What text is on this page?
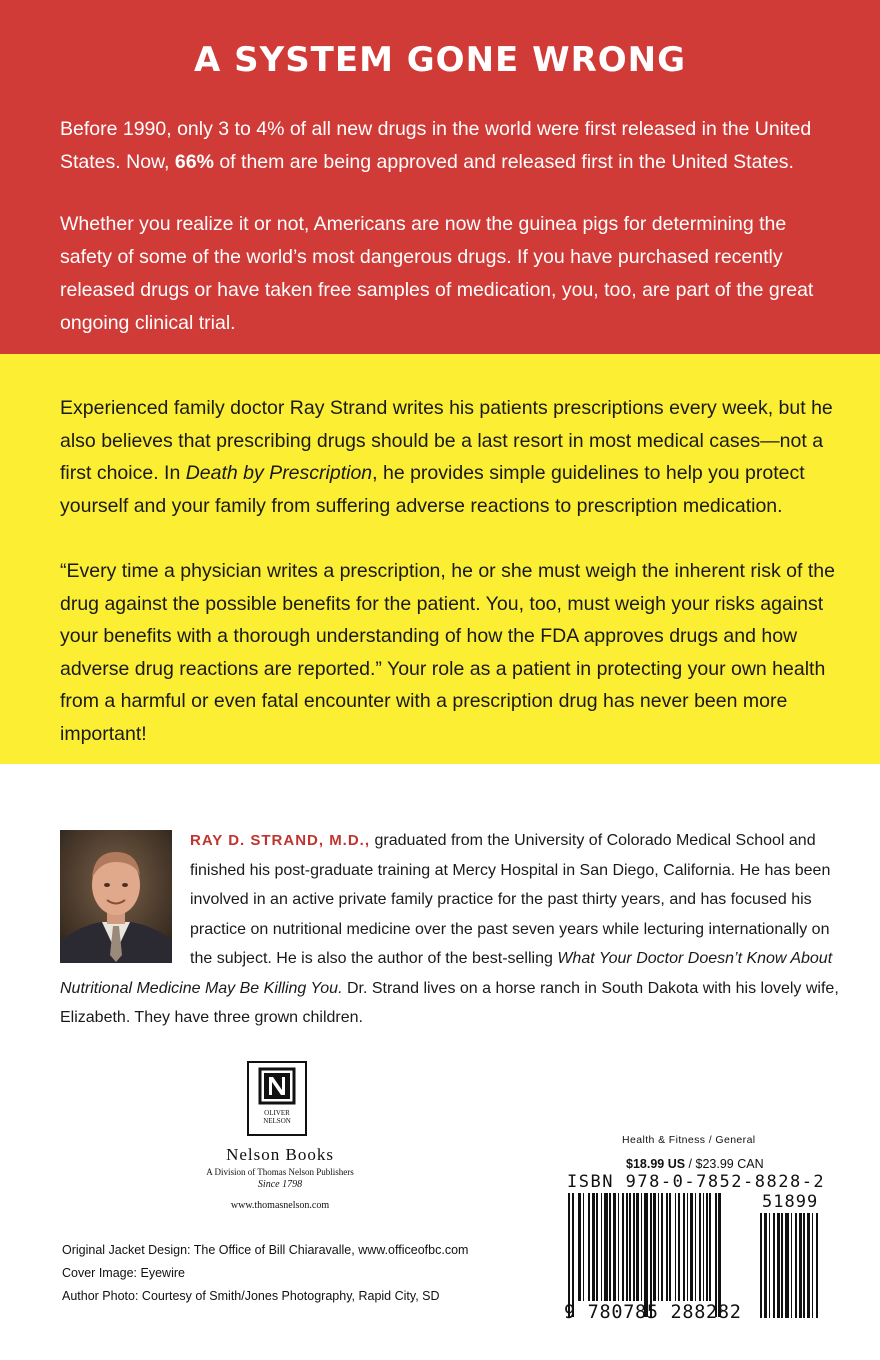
A SYSTEM GONE WRONG

Before 1990, only 3 to 4% of all new drugs in the world were first released in the United States. Now, 66% of them are being approved and released first in the United States.

Whether you realize it or not, Americans are now the guinea pigs for determining the safety of some of the world’s most dangerous drugs. If you have purchased recently released drugs or have taken free samples of medication, you, too, are part of the great ongoing clinical trial.

Experienced family doctor Ray Strand writes his patients prescriptions every week, but he also believes that prescribing drugs should be a last resort in most medical cases—not a first choice. In Death by Prescription, he provides simple guidelines to help you protect yourself and your family from suffering adverse reactions to prescription medication.

“Every time a physician writes a prescription, he or she must weigh the inherent risk of the drug against the possible benefits for the patient. You, too, must weigh your risks against your benefits with a thorough understanding of how the FDA approves drugs and how adverse drug reactions are reported.” Your role as a patient in protecting your own health from a harmful or even fatal encounter with a prescription drug has never been more important!

RAY D. STRAND, M.D., graduated from the University of Colorado Medical School and finished his post-graduate training at Mercy Hospital in San Diego, California. He has been involved in an active private family practice for the past thirty years, and has focused his practice on nutritional medicine over the past seven years while lecturing internationally on the subject. He is also the author of the best-selling What Your Doctor Doesn’t Know About Nutritional Medicine May Be Killing You. Dr. Strand lives on a horse ranch in South Dakota with his lovely wife, Elizabeth. They have three grown children.
OLIVER
NELSON
Nelson Books
A Division of Thomas Nelson Publishers
Since 1798
www.thomasnelson.com
Original Jacket Design: The Office of Bill Chiaravalle, www.officeofbc.com
Cover Image: Eyewire
Author Photo: Courtesy of Smith/Jones Photography, Rapid City, SD
Health & Fitness / General
$18.99 US / $23.99 CAN
ISBN 978-0-7852-8828-2
51899
9 780785 288282
